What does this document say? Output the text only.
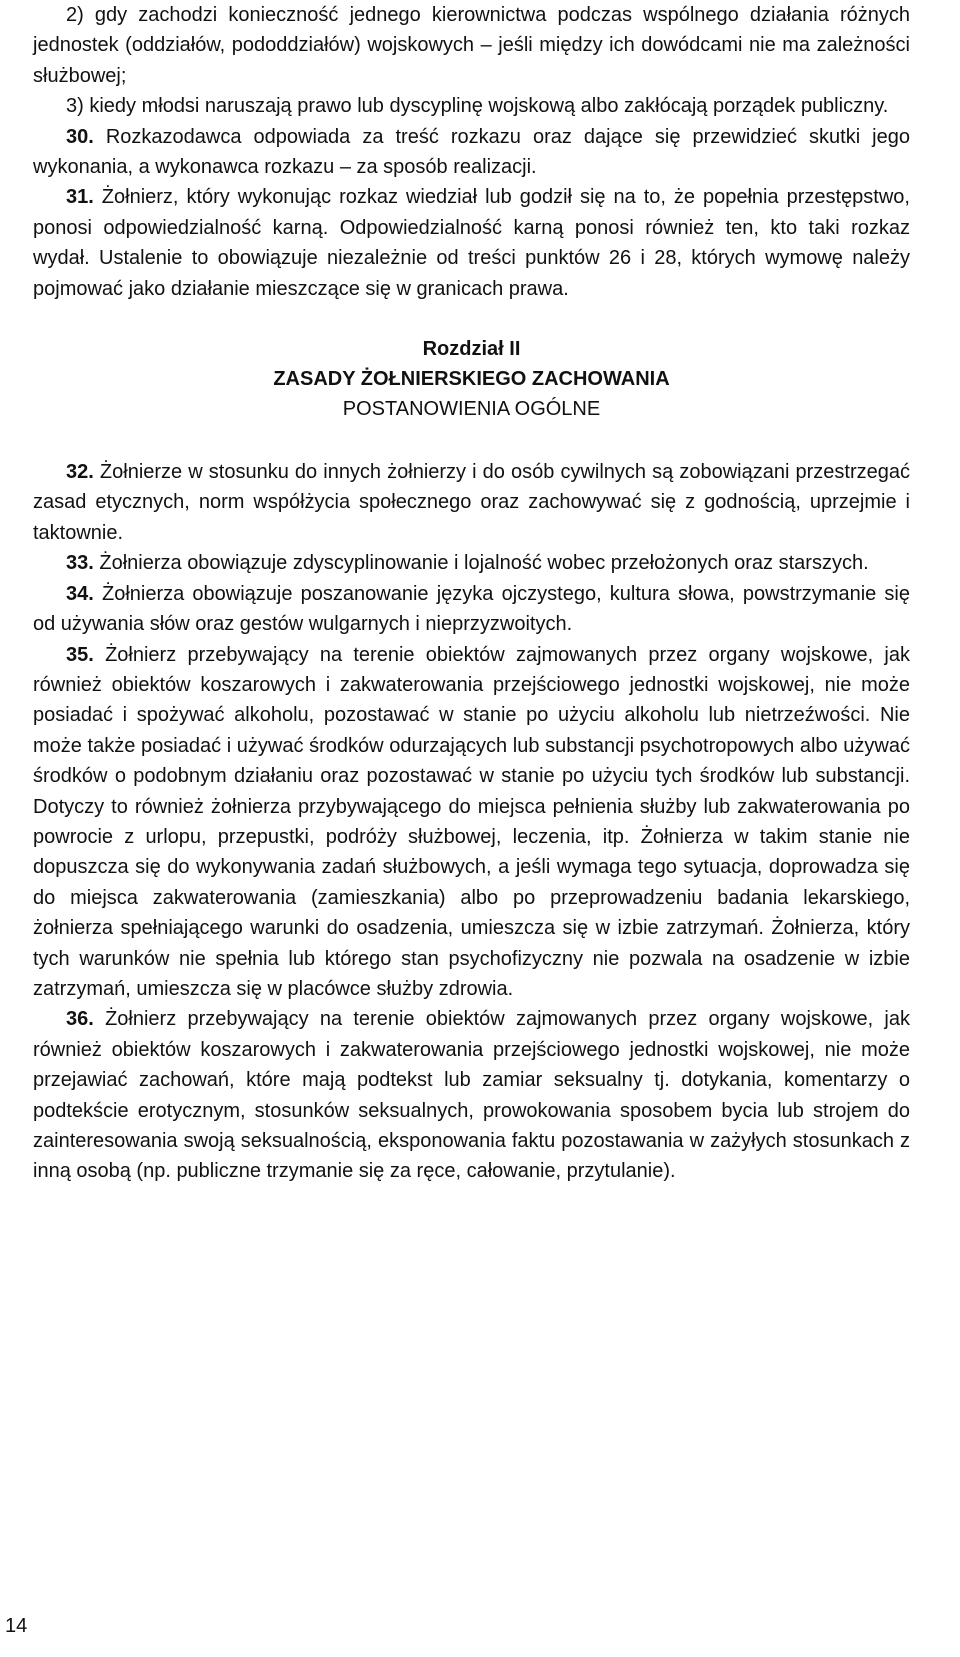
2) gdy zachodzi konieczność jednego kierownictwa podczas wspólnego działania różnych jednostek (oddziałów, pododdziałów) wojskowych – jeśli między ich dowódcami nie ma zależności służbowej;

3) kiedy młodsi naruszają prawo lub dyscyplinę wojskową albo zakłócają porządek publiczny.

30. Rozkazodawca odpowiada za treść rozkazu oraz dające się przewidzieć skutki jego wykonania, a wykonawca rozkazu – za sposób realizacji.

31. Żołnierz, który wykonując rozkaz wiedział lub godził się na to, że popełnia przestępstwo, ponosi odpowiedzialność karną. Odpowiedzialność karną ponosi również ten, kto taki rozkaz wydał. Ustalenie to obowiązuje niezależnie od treści punktów 26 i 28, których wymowę należy pojmować jako działanie mieszczące się w granicach prawa.

Rozdział II
ZASADY ŻOŁNIERSKIEGO ZACHOWANIA
POSTANOWIENIA OGÓLNE

32. Żołnierze w stosunku do innych żołnierzy i do osób cywilnych są zobowiązani przestrzegać zasad etycznych, norm współżycia społecznego oraz zachowywać się z godnością, uprzejmie i taktownie.

33. Żołnierza obowiązuje zdyscyplinowanie i lojalność wobec przełożonych oraz starszych.

34. Żołnierza obowiązuje poszanowanie języka ojczystego, kultura słowa, powstrzymanie się od używania słów oraz gestów wulgarnych i nieprzyzwoitych.

35. Żołnierz przebywający na terenie obiektów zajmowanych przez organy wojskowe, jak również obiektów koszarowych i zakwaterowania przejściowego jednostki wojskowej, nie może posiadać i spożywać alkoholu, pozostawać w stanie po użyciu alkoholu lub nietrzeźwości. Nie może także posiadać i używać środków odurzających lub substancji psychotropowych albo używać środków o podobnym działaniu oraz pozostawać w stanie po użyciu tych środków lub substancji. Dotyczy to również żołnierza przybywającego do miejsca pełnienia służby lub zakwaterowania po powrocie z urlopu, przepustki, podróży służbowej, leczenia, itp. Żołnierza w takim stanie nie dopuszcza się do wykonywania zadań służbowych, a jeśli wymaga tego sytuacja, doprowadza się do miejsca zakwaterowania (zamieszkania) albo po przeprowadzeniu badania lekarskiego, żołnierza spełniającego warunki do osadzenia, umieszcza się w izbie zatrzymań. Żołnierza, który tych warunków nie spełnia lub którego stan psychofizyczny nie pozwala na osadzenie w izbie zatrzymań, umieszcza się w placówce służby zdrowia.

36. Żołnierz przebywający na terenie obiektów zajmowanych przez organy wojskowe, jak również obiektów koszarowych i zakwaterowania przejściowego jednostki wojskowej, nie może przejawiać zachowań, które mają podtekst lub zamiar seksualny tj. dotykania, komentarzy o podtekście erotycznym, stosunków seksualnych, prowokowania sposobem bycia lub strojem do zainteresowania swoją seksualnością, eksponowania faktu pozostawania w zażyłych stosunkach z inną osobą (np. publiczne trzymanie się za ręce, całowanie, przytulanie).

14
